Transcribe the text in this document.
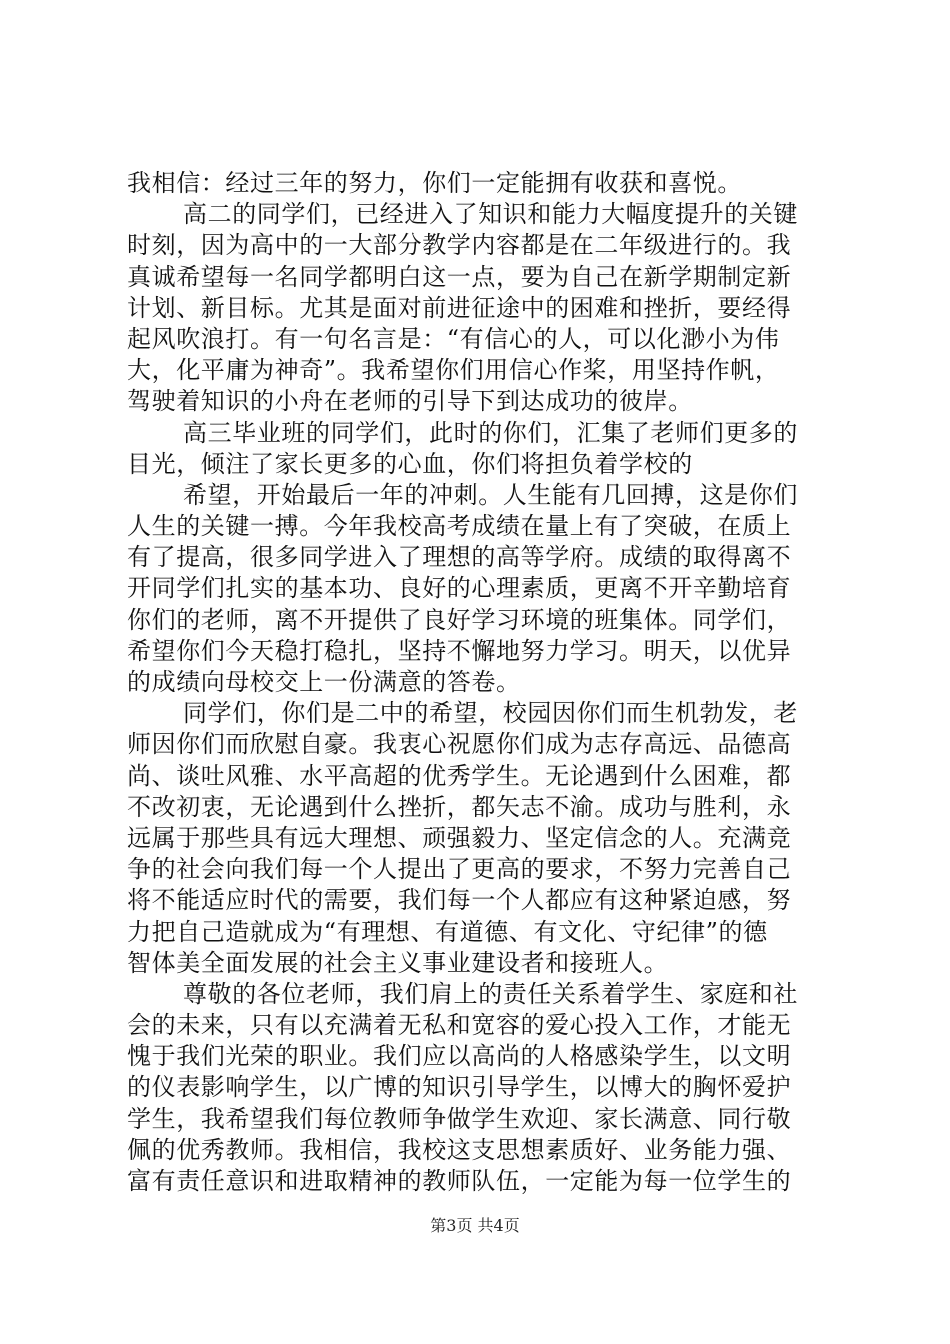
我相信：经过三年的努力，你们一定能拥有收获和喜悦。
高二的同学们，已经进入了知识和能力大幅度提升的关键
时刻，因为高中的一大部分教学内容都是在二年级进行的。我
真诚希望每一名同学都明白这一点，要为自己在新学期制定新
计划、新目标。尤其是面对前进征途中的困难和挫折，要经得
起风吹浪打。有一句名言是：“有信心的人，可以化渺小为伟
大，化平庸为神奇”。我希望你们用信心作桨，用坚持作帆，
驾驶着知识的小舟在老师的引导下到达成功的彼岸。
高三毕业班的同学们，此时的你们，汇集了老师们更多的
目光，倾注了家长更多的心血，你们将担负着学校的
希望，开始最后一年的冲刺。人生能有几回搏，这是你们
人生的关键一搏。今年我校高考成绩在量上有了突破，在质上
有了提高，很多同学进入了理想的高等学府。成绩的取得离不
开同学们扎实的基本功、良好的心理素质，更离不开辛勤培育
你们的老师，离不开提供了良好学习环境的班集体。同学们，
希望你们今天稳打稳扎，坚持不懈地努力学习。明天，以优异
的成绩向母校交上一份满意的答卷。
同学们，你们是二中的希望，校园因你们而生机勃发，老
师因你们而欣慰自豪。我衷心祝愿你们成为志存高远、品德高
尚、谈吐风雅、水平高超的优秀学生。无论遇到什么困难，都
不改初衷，无论遇到什么挫折，都矢志不渝。成功与胜利，永
远属于那些具有远大理想、顽强毅力、坚定信念的人。充满竞
争的社会向我们每一个人提出了更高的要求，不努力完善自己
将不能适应时代的需要，我们每一个人都应有这种紧迫感，努
力把自己造就成为“有理想、有道德、有文化、守纪律”的德
智体美全面发展的社会主义事业建设者和接班人。
尊敬的各位老师，我们肩上的责任关系着学生、家庭和社
会的未来，只有以充满着无私和宽容的爱心投入工作，才能无
愧于我们光荣的职业。我们应以高尚的人格感染学生，以文明
的仪表影响学生，以广博的知识引导学生，以博大的胸怀爱护
学生，我希望我们每位教师争做学生欢迎、家长满意、同行敬
佩的优秀教师。我相信，我校这支思想素质好、业务能力强、
富有责任意识和进取精神的教师队伍，一定能为每一位学生的
第3页 共4页
